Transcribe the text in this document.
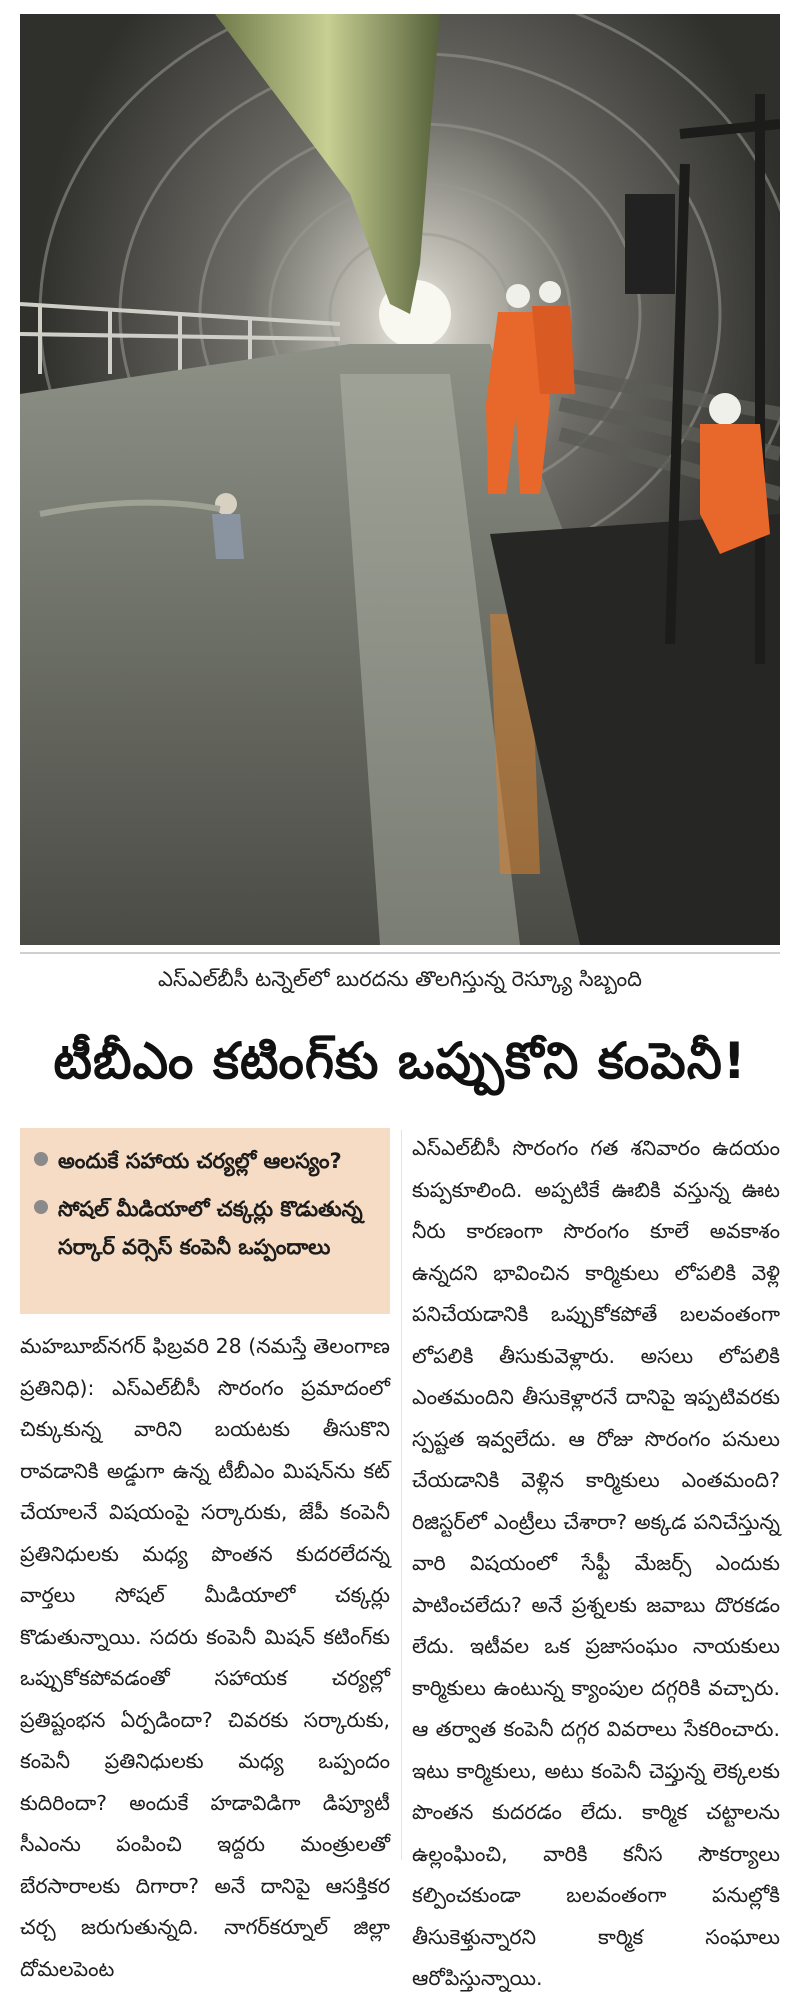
ఎస్ఎల్‌బీసీ టన్నెల్‌లో బురదను తొలగిస్తున్న రెస్క్యూ సిబ్బంది
టీబీఎం కటింగ్‌కు ఒప్పుకోని కంపెనీ!
అందుకే సహాయ చర్యల్లో ఆలస్యం?
సోషల్ మీడియాలో చక్కర్లు కొడుతున్న సర్కార్ వర్సెస్ కంపెనీ ఒప్పందాలు
మహబూబ్‌నగర్ ఫిబ్రవరి 28 (నమస్తే తెలంగాణ ప్రతినిధి): ఎస్ఎల్‌బీసీ సొరంగం ప్రమాదంలో చిక్కుకున్న వారిని బయటకు తీసుకొని రావడానికి అడ్డుగా ఉన్న టీబీఎం మిషన్‌ను కట్ చేయాలనే విషయంపై సర్కారుకు, జేపీ కంపెనీ ప్రతినిధులకు మధ్య పొంతన కుదరలేదన్న వార్తలు సోషల్ మీడియాలో చక్కర్లు కొడుతున్నాయి. సదరు కంపెనీ మిషన్ కటింగ్‌కు ఒప్పుకోకపోవడంతో సహాయక చర్యల్లో ప్రతిష్టంభన ఏర్పడిందా? చివరకు సర్కారుకు, కంపెనీ ప్రతినిధులకు మధ్య ఒప్పందం కుదిరిందా? అందుకే హడావిడిగా డిప్యూటీ సీఎంను పంపించి ఇద్దరు మంత్రులతో బేరసారాలకు దిగారా? అనే దానిపై ఆసక్తికర చర్చ జరుగుతున్నది. నాగర్‌కర్నూల్ జిల్లా దోమలపెంట
ఎస్ఎల్‌బీసీ సొరంగం గత శనివారం ఉదయం కుప్పకూలింది. అప్పటికే ఊబికి వస్తున్న ఊట నీరు కారణంగా సొరంగం కూలే అవకాశం ఉన్నదని భావించిన కార్మికులు లోపలికి వెళ్లి పనిచేయడానికి ఒప్పుకోకపోతే బలవంతంగా లోపలికి తీసుకువెళ్లారు. అసలు లోపలికి ఎంతమందిని తీసుకెళ్లారనే దానిపై ఇప్పటివరకు స్పష్టత ఇవ్వలేదు. ఆ రోజు సొరంగం పనులు చేయడానికి వెళ్లిన కార్మికులు ఎంతమంది? రిజిస్టర్‌లో ఎంట్రీలు చేశారా? అక్కడ పనిచేస్తున్న వారి విషయంలో సేఫ్టీ మేజర్స్ ఎందుకు పాటించలేదు? అనే ప్రశ్నలకు జవాబు దొరకడం లేదు. ఇటీవల ఒక ప్రజాసంఘం నాయకులు కార్మికులు ఉంటున్న క్యాంపుల దగ్గరికి వచ్చారు. ఆ తర్వాత కంపెనీ దగ్గర వివరాలు సేకరించారు. ఇటు కార్మికులు, అటు కంపెనీ చెప్తున్న లెక్కలకు పొంతన కుదరడం లేదు. కార్మిక చట్టాలను ఉల్లంఘించి, వారికి కనీస సౌకర్యాలు కల్పించకుండా బలవంతంగా పనుల్లోకి తీసుకెళ్తున్నారని కార్మిక సంఘాలు ఆరోపిస్తున్నాయి.
